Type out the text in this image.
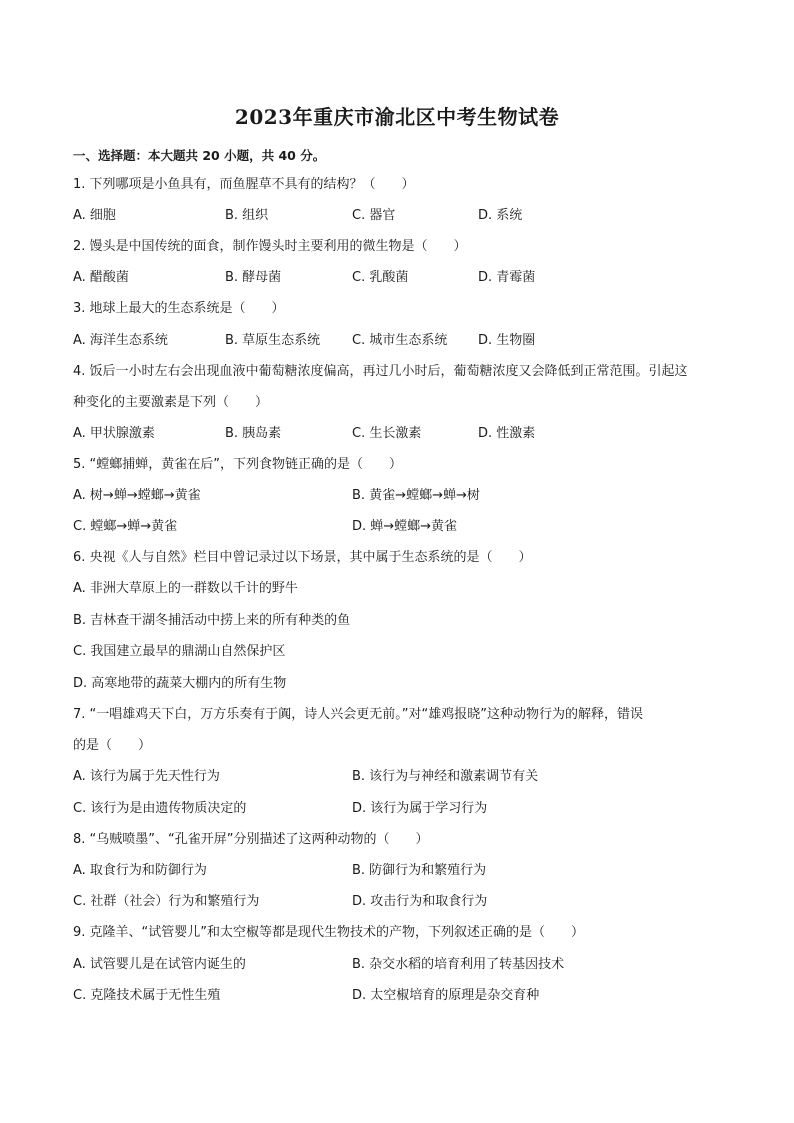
2023年重庆市渝北区中考生物试卷
一、选择题：本大题共 20 小题，共 40 分。
1. 下列哪项是小鱼具有，而鱼腥草不具有的结构？（　　）
A. 细胞	B. 组织	C. 器官	D. 系统
2. 馒头是中国传统的面食，制作馒头时主要利用的微生物是（　　）
A. 醋酸菌	B. 酵母菌	C. 乳酸菌	D. 青霉菌
3. 地球上最大的生态系统是（　　）
A. 海洋生态系统	B. 草原生态系统 C. 城市生态系统 D. 生物圈
4. 饭后一小时左右会出现血液中葡萄糖浓度偏高，再过几小时后，葡萄糖浓度又会降低到正常范围。引起这
种变化的主要激素是下列（　　）
A. 甲状腺激素	B. 胰岛素	C. 生长激素	D. 性激素
5. “螳螂捕蝉，黄雀在后”，下列食物链正确的是（　　）
A. 树→蝉→螳螂→黄雀	B. 黄雀→螳螂→蝉→树
C. 螳螂→蝉→黄雀	D. 蝉→螳螂→黄雀
6. 央视《人与自然》栏目中曾记录过以下场景，其中属于生态系统的是（　　）
A. 非洲大草原上的一群数以千计的野牛
B. 吉林查干湖冬捕活动中捞上来的所有种类的鱼
C. 我国建立最早的鼎湖山自然保护区
D. 高寒地带的蔬菜大棚内的所有生物
7. “一唱雄鸡天下白，万方乐奏有于阗，诗人兴会更无前。”对“雄鸡报晓”这种动物行为的解释，错误
的是（　　）
A. 该行为属于先天性行为	B. 该行为与神经和激素调节有关
C. 该行为是由遗传物质决定的	D. 该行为属于学习行为
8. “乌贼喷墨”、“孔雀开屏”分别描述了这两种动物的（　　）
A. 取食行为和防御行为	B. 防御行为和繁殖行为
C. 社群（社会）行为和繁殖行为	D. 攻击行为和取食行为
9. 克隆羊、“试管婴儿”和太空椒等都是现代生物技术的产物，下列叙述正确的是（　　）
A. 试管婴儿是在试管内诞生的	B. 杂交水稻的培育利用了转基因技术
C. 克隆技术属于无性生殖	D. 太空椒培育的原理是杂交育种
